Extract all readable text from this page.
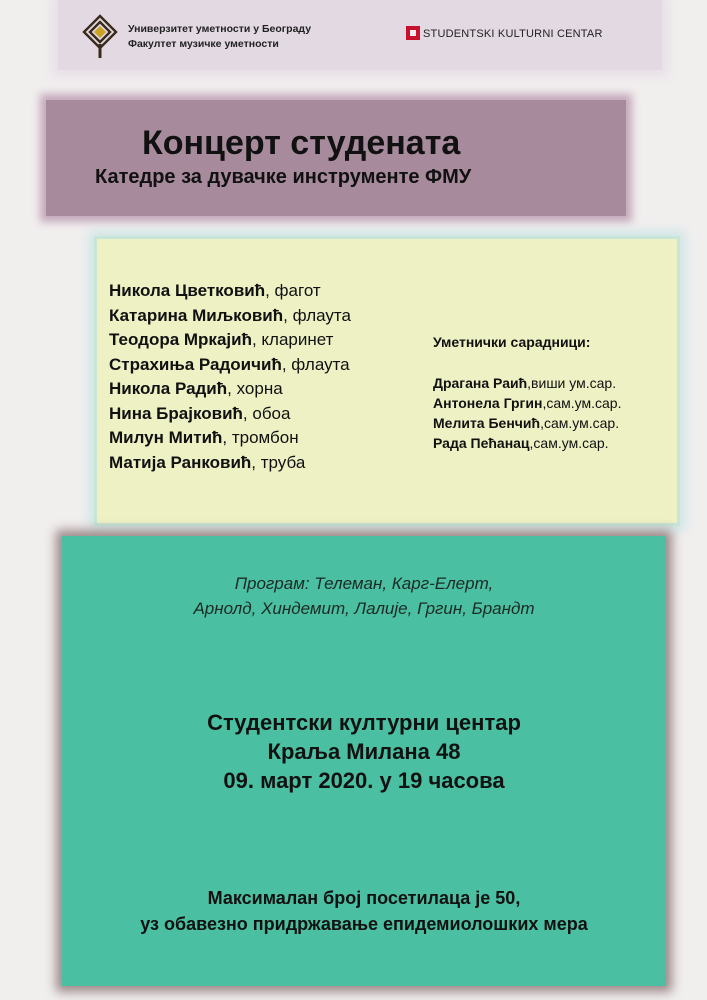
Универзитет уметности у Београду
Факултет музичке уметности
STUDENTSKI KULTURNI CENTAR
Концерт студената
Катедре за дувачке инструменте ФМУ
Никола Цветковић, фагот
Катарина Миљковић, флаута
Теодора Мркајић, кларинет
Страхиња Радоичић, флаута
Никола Радић, хорна
Нина Брајковић, обоа
Милун Митић, тромбон
Матија Ранковић, труба
Уметнички сарадници:
Драгана Раић,виши ум.сар.
Антонела Гргин,сам.ум.сар.
Мелита Бенчић,сам.ум.сар.
Рада Пећанац,сам.ум.сар.
Програм: Телеман, Карг-Елерт,
Арнолд, Хиндемит, Лалије, Гргин, Брандт
Студентски културни центар
Краља Милана 48
09. март 2020. у 19 часова
Максималан број посетилаца је 50,
уз обавезно придржавање епидемиолошких мера
